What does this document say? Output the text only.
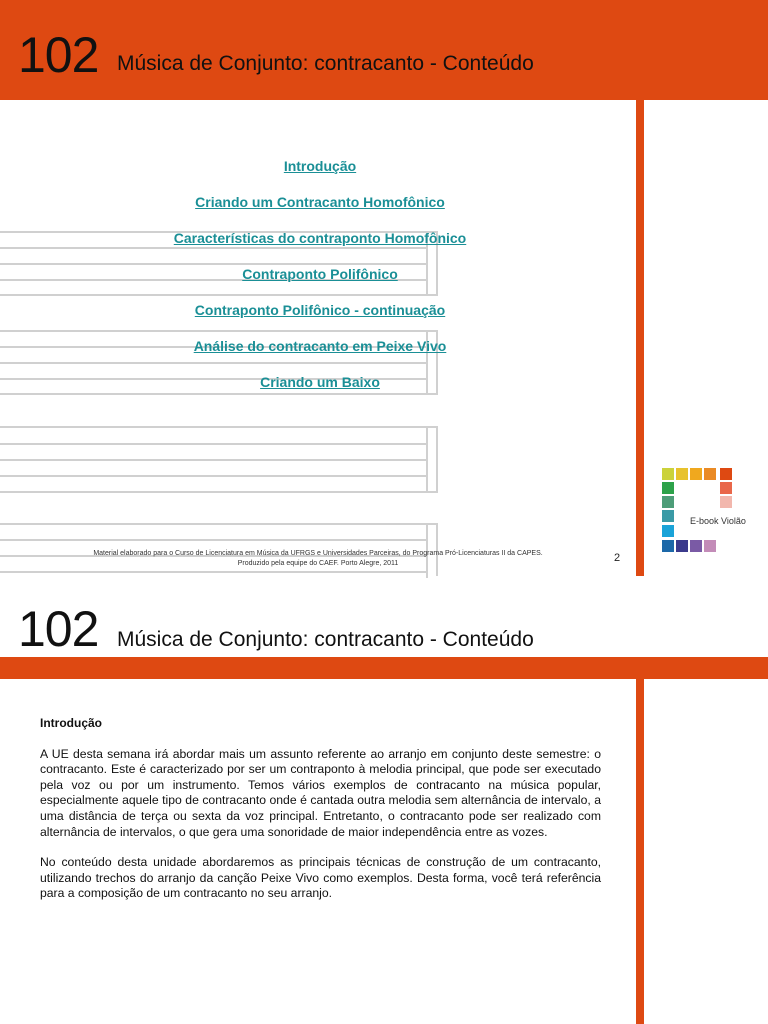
102 Música de Conjunto: contracanto - Conteúdo
Introdução
Criando um Contracanto Homofônico
Características do contraponto Homofônico
Contraponto Polifônico
Contraponto Polifônico - continuação
Análise do contracanto em Peixe Vivo
Criando um Baixo
Material elaborado para o Curso de Licenciatura em Música da UFRGS e Universidades Parceiras, do Programa Pró-Licenciaturas II da CAPES.
Produzido pela equipe do CAEF. Porto Alegre, 2011	2
E-book Violão
102 Música de Conjunto: contracanto - Conteúdo
Introdução

A UE desta semana irá abordar mais um assunto referente ao arranjo em conjunto deste semestre: o contracanto. Este é caracterizado por ser um contraponto à melodia principal, que pode ser executado pela voz ou por um instrumento. Temos vários exemplos de contracanto na música popular, especialmente aquele tipo de contracanto onde é cantada outra melodia sem alternância de intervalo, a uma distância de terça ou sexta da voz principal. Entretanto, o contracanto pode ser realizado com alternância de intervalos, o que gera uma sonoridade de maior independência entre as vozes.

No conteúdo desta unidade abordaremos as principais técnicas de construção de um contracanto, utilizando trechos do arranjo da canção Peixe Vivo como exemplos. Desta forma, você terá referência para a composição de um contracanto no seu arranjo.
